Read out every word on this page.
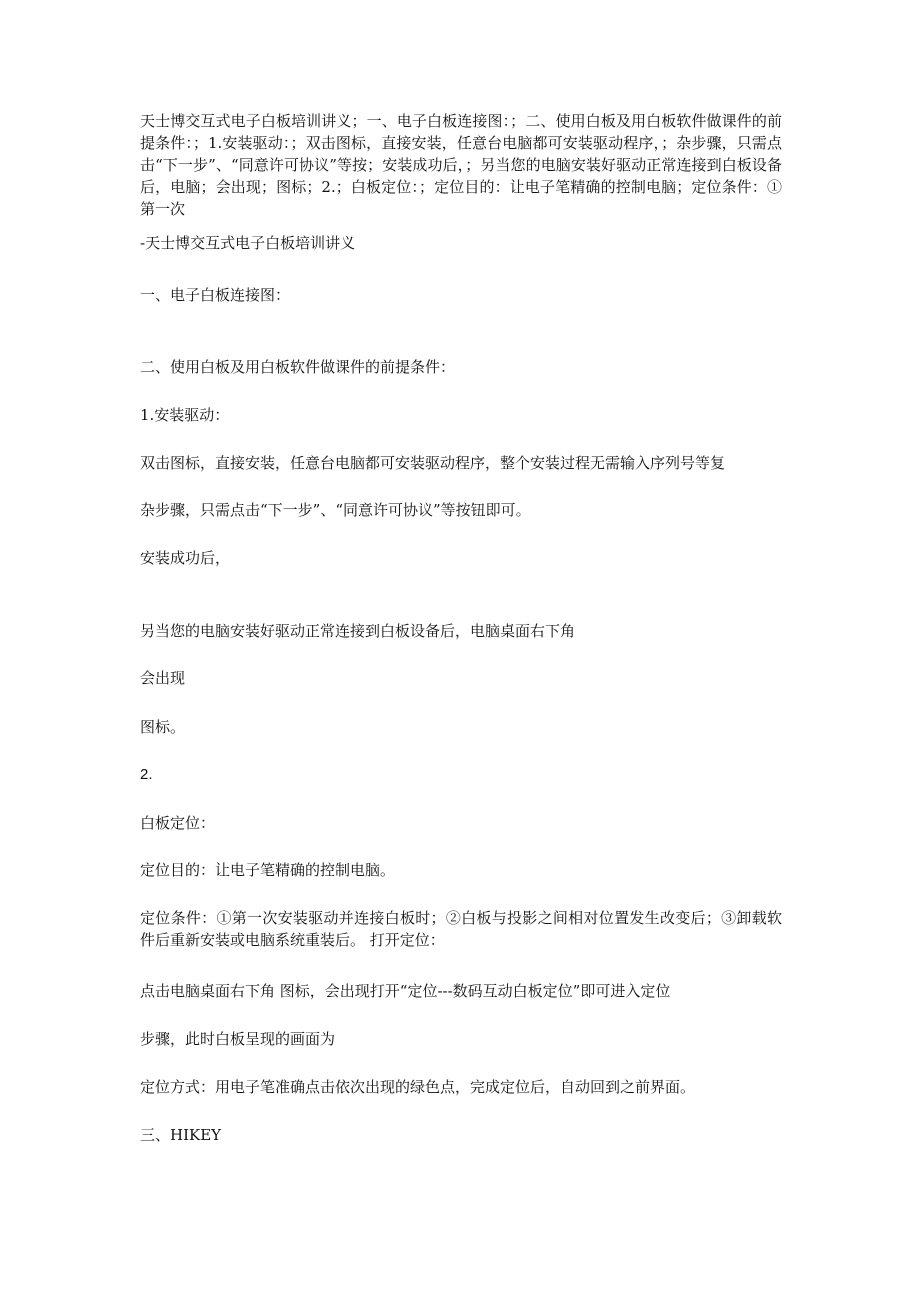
天士博交互式电子白板培训讲义；一、电子白板连接图：；二、使用白板及用白板软件做课件的前提条件：；1.安装驱动：；双击图标，直接安装，任意台电脑都可安装驱动程序，；杂步骤，只需点击“下一步”、“同意许可协议”等按；安装成功后，；另当您的电脑安装好驱动正常连接到白板设备后，电脑；会出现；图标；2.；白板定位：；定位目的：让电子笔精确的控制电脑；定位条件：①第一次

-天士博交互式电子白板培训讲义

一、电子白板连接图：

二、使用白板及用白板软件做课件的前提条件：

1.安装驱动：

双击图标，直接安装，任意台电脑都可安装驱动程序，整个安装过程无需输入序列号等复

杂步骤，只需点击“下一步”、“同意许可协议”等按钮即可。

安装成功后，

另当您的电脑安装好驱动正常连接到白板设备后，电脑桌面右下角

会出现

图标。

2.

白板定位：

定位目的：让电子笔精确的控制电脑。

定位条件：①第一次安装驱动并连接白板时；②白板与投影之间相对位置发生改变后；③卸载软件后重新安装或电脑系统重装后。 打开定位：

点击电脑桌面右下角 图标，会出现打开“定位---数码互动白板定位”即可进入定位

步骤，此时白板呈现的画面为

定位方式：用电子笔准确点击依次出现的绿色点，完成定位后，自动回到之前界面。

三、HIKEY
